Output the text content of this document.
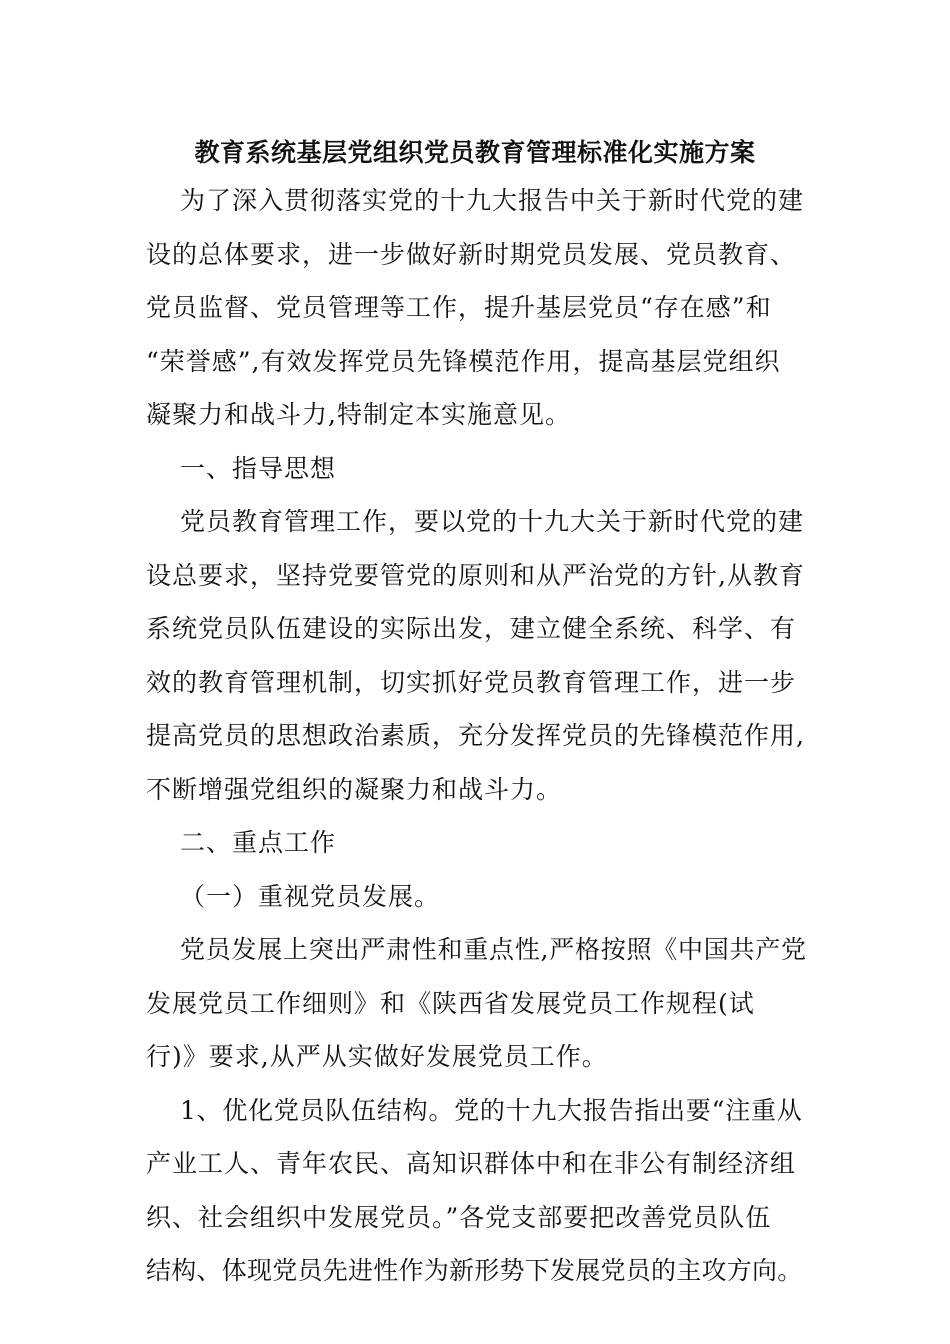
教育系统基层党组织党员教育管理标准化实施方案
为了深入贯彻落实党的十九大报告中关于新时代党的建
设的总体要求，进一步做好新时期党员发展、党员教育、
党员监督、党员管理等工作，提升基层党员“存在感”和
“荣誉感”,有效发挥党员先锋模范作用，提高基层党组织
凝聚力和战斗力,特制定本实施意见。
一、指导思想
党员教育管理工作，要以党的十九大关于新时代党的建
设总要求，坚持党要管党的原则和从严治党的方针,从教育
系统党员队伍建设的实际出发，建立健全系统、科学、有
效的教育管理机制，切实抓好党员教育管理工作，进一步
提高党员的思想政治素质，充分发挥党员的先锋模范作用,
不断增强党组织的凝聚力和战斗力。
二、重点工作
（一）重视党员发展。
党员发展上突出严肃性和重点性,严格按照《中国共产党
发展党员工作细则》和《陕西省发展党员工作规程(试
行)》要求,从严从实做好发展党员工作。
1、优化党员队伍结构。党的十九大报告指出要“注重从
产业工人、青年农民、高知识群体中和在非公有制经济组
织、社会组织中发展党员。”各党支部要把改善党员队伍
结构、体现党员先进性作为新形势下发展党员的主攻方向。
